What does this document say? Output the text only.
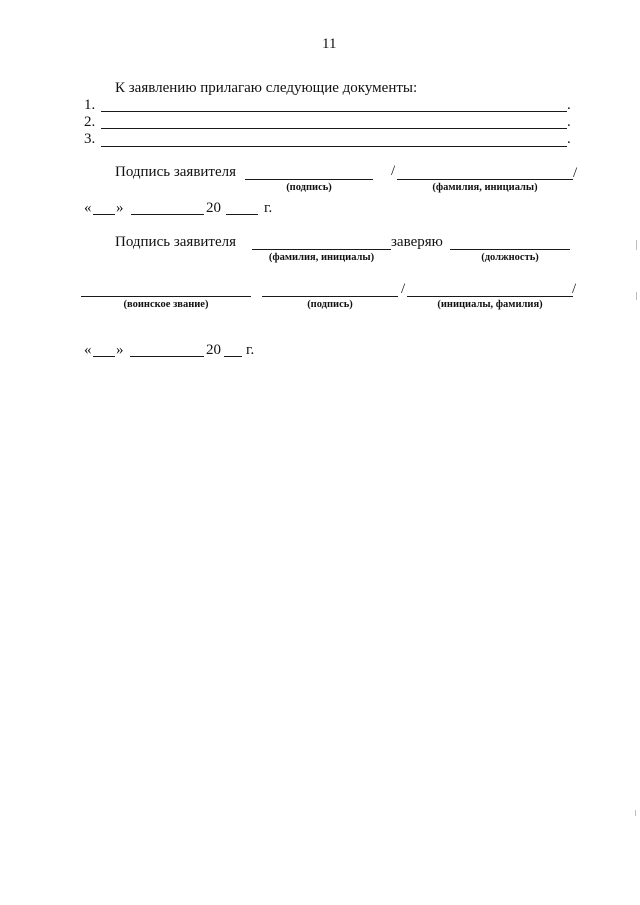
11
К заявлению прилагаю следующие документы:
1.	.
2.	.
3.	.
Подпись заявителя	/	/
(подпись)	(фамилия, инициалы)
« »	20	г.
Подпись заявителя	заверяю
(фамилия, инициалы)	(должность)
/	/
(воинское звание)	(подпись)	(инициалы, фамилия)
« »	20 г.
